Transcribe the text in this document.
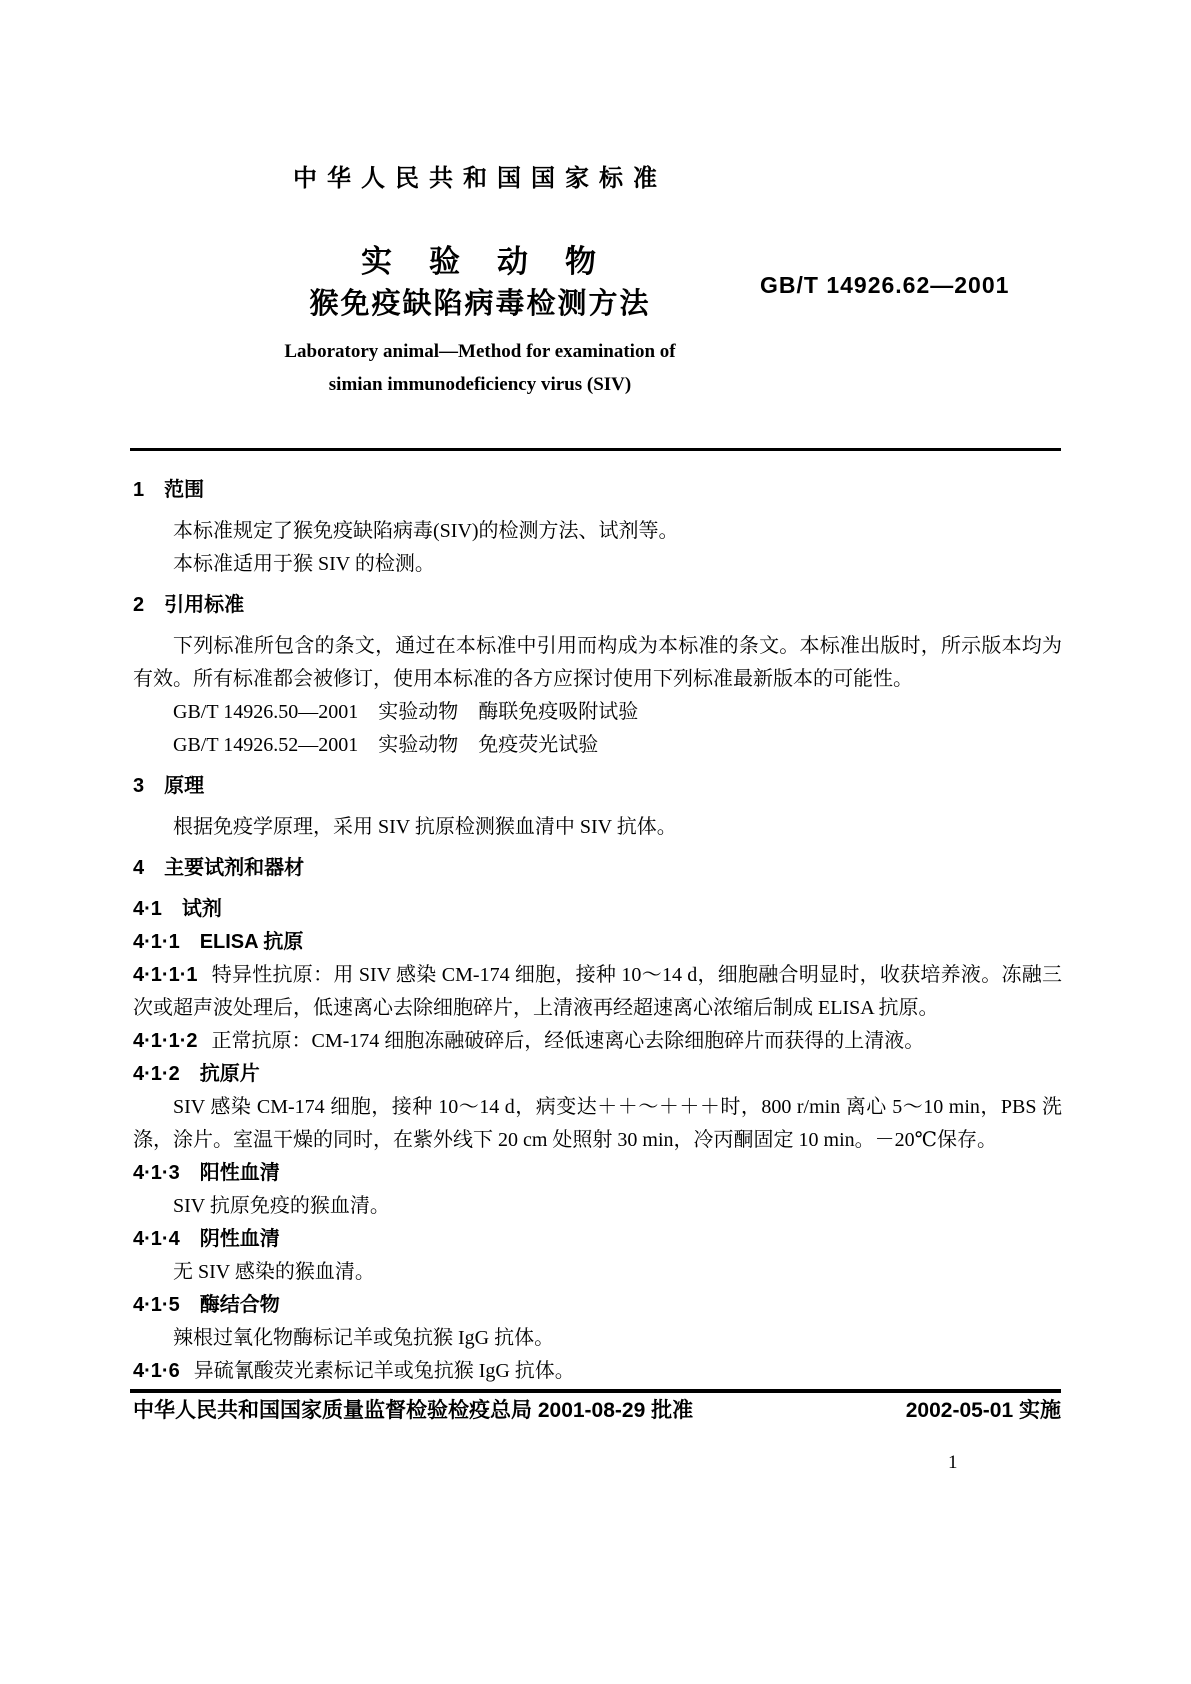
中华人民共和国国家标准
实　验　动　物
猴免疫缺陷病毒检测方法
Laboratory animal—Method for examination of
simian immunodeficiency virus (SIV)
GB/T 14926.62—2001
1　范围
本标准规定了猴免疫缺陷病毒(SIV)的检测方法、试剂等。
本标准适用于猴 SIV 的检测。
2　引用标准
下列标准所包含的条文，通过在本标准中引用而构成为本标准的条文。本标准出版时，所示版本均为有效。所有标准都会被修订，使用本标准的各方应探讨使用下列标准最新版本的可能性。
GB/T 14926.50—2001　实验动物　酶联免疫吸附试验
GB/T 14926.52—2001　实验动物　免疫荧光试验
3　原理
根据免疫学原理，采用 SIV 抗原检测猴血清中 SIV 抗体。
4　主要试剂和器材
4·1　试剂
4·1·1　ELISA 抗原
4·1·1·1 特异性抗原：用 SIV 感染 CM-174 细胞，接种 10～14 d，细胞融合明显时，收获培养液。冻融三次或超声波处理后，低速离心去除细胞碎片，上清液再经超速离心浓缩后制成 ELISA 抗原。
4·1·1·2 正常抗原：CM-174 细胞冻融破碎后，经低速离心去除细胞碎片而获得的上清液。
4·1·2　抗原片
SIV 感染 CM-174 细胞，接种 10～14 d，病变达＋＋～＋＋＋时，800 r/min 离心 5～10 min，PBS 洗涤，涂片。室温干燥的同时，在紫外线下 20 cm 处照射 30 min，冷丙酮固定 10 min。－20℃保存。
4·1·3　阳性血清
SIV 抗原免疫的猴血清。
4·1·4　阴性血清
无 SIV 感染的猴血清。
4·1·5　酶结合物
辣根过氧化物酶标记羊或兔抗猴 IgG 抗体。
4·1·6 异硫氰酸荧光素标记羊或兔抗猴 IgG 抗体。
中华人民共和国国家质量监督检验检疫总局 2001-08-29 批准	2002-05-01 实施
1
